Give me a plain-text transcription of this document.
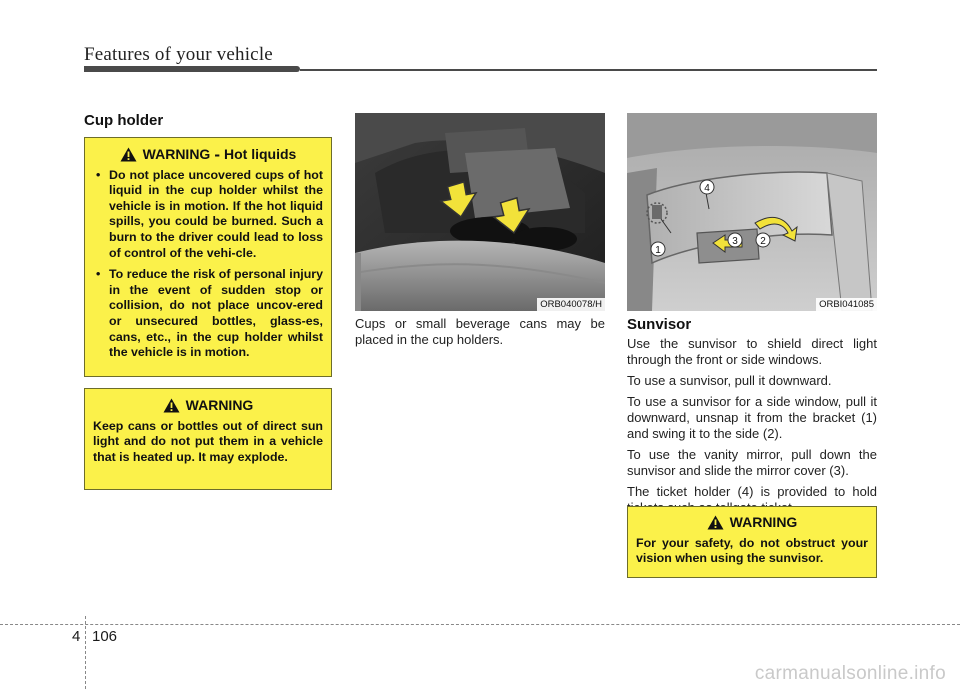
Features of your vehicle
Cup holder
WARNING - Hot liquids
• Do not place uncovered cups of hot liquid in the cup holder whilst the vehicle is in motion. If the hot liquid spills, you could be burned. Such a burn to the driver could lead to loss of control of the vehi-cle.
• To reduce the risk of personal injury in the event of sudden stop or collision, do not place uncov-ered or unsecured bottles, glass-es, cans, etc., in the cup holder whilst the vehicle is in motion.
WARNING

Keep cans or bottles out of direct sun light and do not put them in a vehicle that is heated up. It may explode.

ORB040078/H

Cups or small beverage cans may be placed in the cup holders.

1
2
3
4
ORBI041085
Sunvisor

Use the sunvisor to shield direct light through the front or side windows.

To use a sunvisor, pull it downward.

To use a sunvisor for a side window, pull it downward, unsnap it from the bracket (1) and swing it to the side (2).

To use the vanity mirror, pull down the sunvisor and slide the mirror cover (3).

The ticket holder (4) is provided to hold

WARNING

For your safety, do not obstruct your vision when using the sunvisor.

4 106
carmanualsonline.info
